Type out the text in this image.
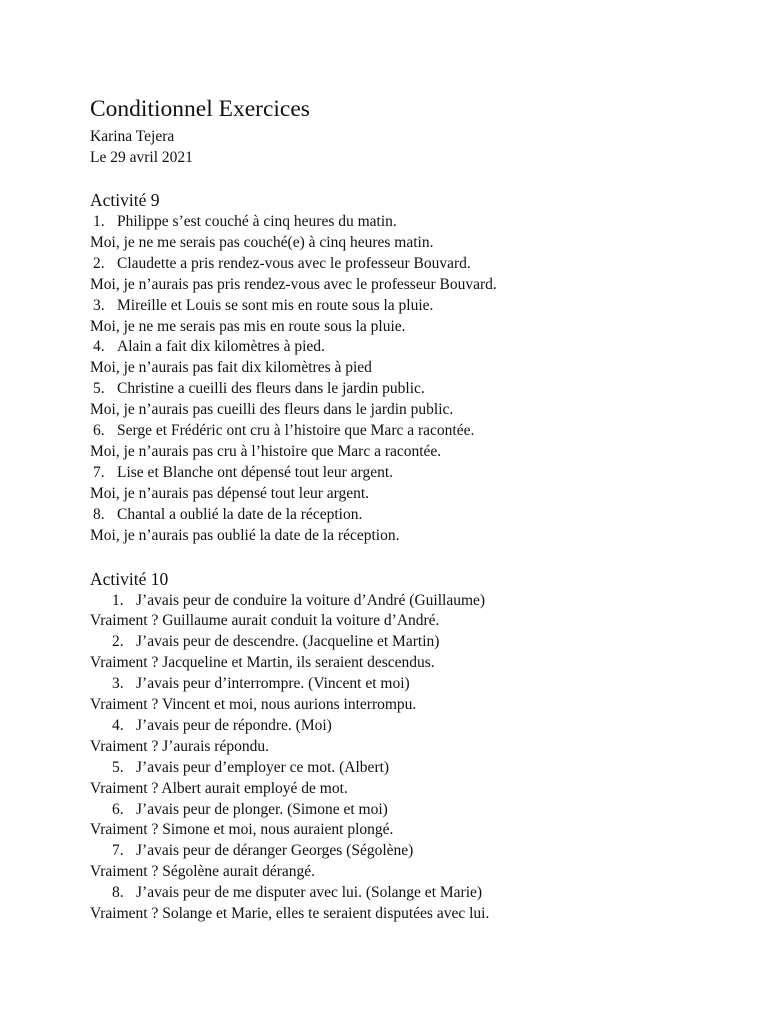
Conditionnel Exercices
Karina Tejera
Le 29 avril 2021
Activité 9
1. Philippe s’est couché à cinq heures du matin.
Moi, je ne me serais pas couché(e) à cinq heures matin.
2. Claudette a pris rendez-vous avec le professeur Bouvard.
Moi, je n’aurais pas pris rendez-vous avec le professeur Bouvard.
3. Mireille et Louis se sont mis en route sous la pluie.
Moi, je ne me serais pas mis en route sous la pluie.
4. Alain a fait dix kilomètres à pied.
Moi, je n’aurais pas fait dix kilomètres à pied
5. Christine a cueilli des fleurs dans le jardin public.
Moi, je n’aurais pas cueilli des fleurs dans le jardin public.
6. Serge et Frédéric ont cru à l’histoire que Marc a racontée.
Moi, je n’aurais pas cru à l’histoire que Marc a racontée.
7. Lise et Blanche ont dépensé tout leur argent.
Moi, je n’aurais pas dépensé tout leur argent.
8. Chantal a oublié la date de la réception.
Moi, je n’aurais pas oublié la date de la réception.
Activité 10
1. J’avais peur de conduire la voiture d’André (Guillaume)
Vraiment ? Guillaume aurait conduit la voiture d’André.
2. J’avais peur de descendre. (Jacqueline et Martin)
Vraiment ? Jacqueline et Martin, ils seraient descendus.
3. J’avais peur d’interrompre. (Vincent et moi)
Vraiment ? Vincent et moi, nous aurions interrompu.
4. J’avais peur de répondre. (Moi)
Vraiment ? J’aurais répondu.
5. J’avais peur d’employer ce mot. (Albert)
Vraiment ? Albert aurait employé de mot.
6. J’avais peur de plonger. (Simone et moi)
Vraiment ? Simone et moi, nous auraient plongé.
7. J’avais peur de déranger Georges (Ségolène)
Vraiment ? Ségolène aurait dérangé.
8. J’avais peur de me disputer avec lui. (Solange et Marie)
Vraiment ? Solange et Marie, elles te seraient disputées avec lui.
